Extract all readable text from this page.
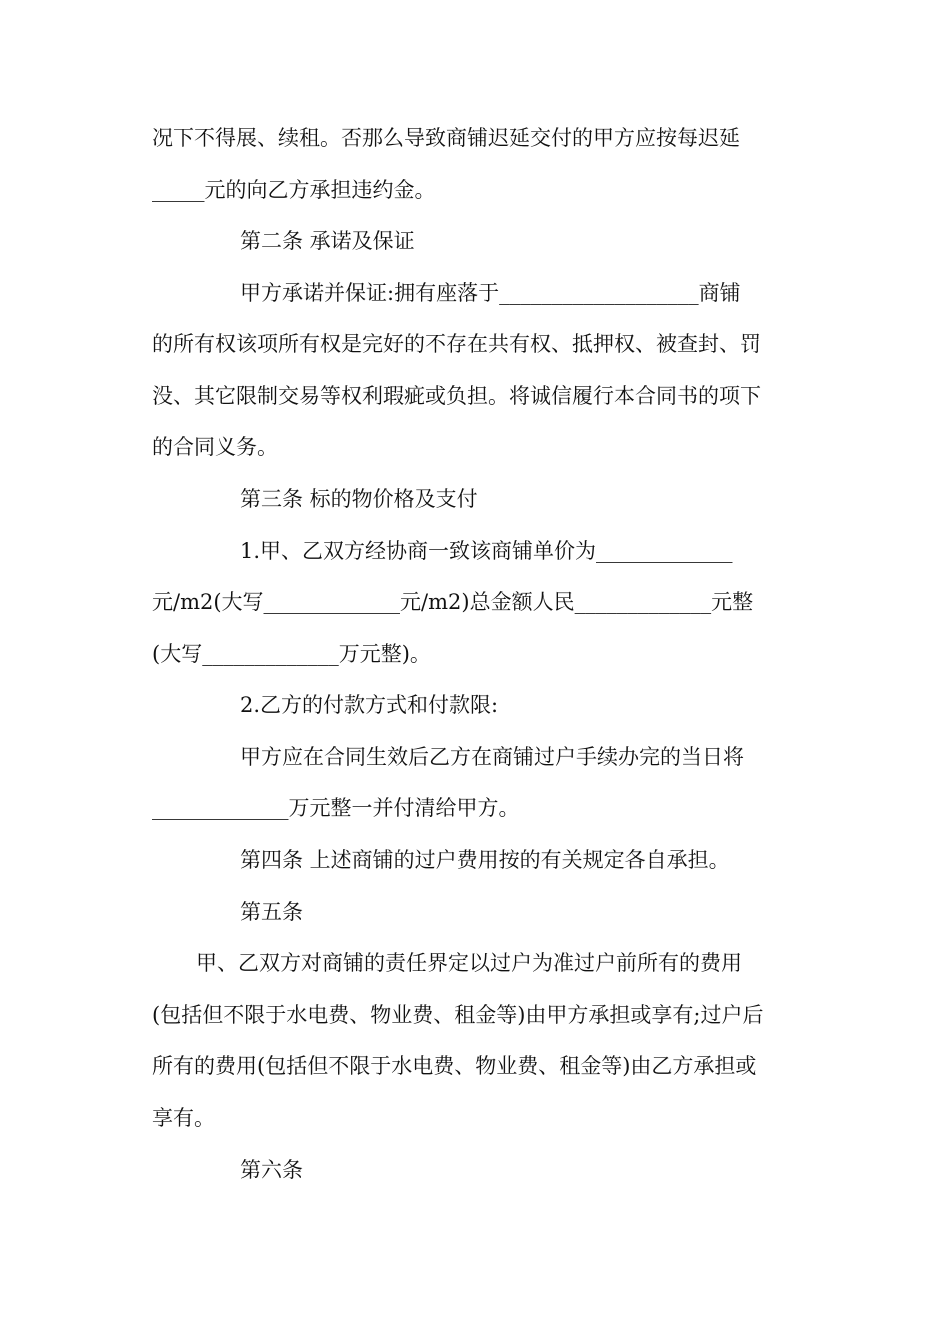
况下不得展、续租。否那么导致商铺迟延交付的甲方应按每迟延
_____元的向乙方承担违约金。
第二条 承诺及保证
甲方承诺并保证:拥有座落于___________________商铺
的所有权该项所有权是完好的不存在共有权、抵押权、被查封、罚
没、其它限制交易等权利瑕疵或负担。将诚信履行本合同书的项下
的合同义务。
第三条 标的物价格及支付
1.甲、乙双方经协商一致该商铺单价为_____________
元/m2(大写_____________元/m2)总金额人民_____________元整
(大写_____________万元整)。
2.乙方的付款方式和付款限:
甲方应在合同生效后乙方在商铺过户手续办完的当日将
_____________万元整一并付清给甲方。
第四条 上述商铺的过户费用按的有关规定各自承担。
第五条
甲、乙双方对商铺的责任界定以过户为准过户前所有的费用
(包括但不限于水电费、物业费、租金等)由甲方承担或享有;过户后
所有的费用(包括但不限于水电费、物业费、租金等)由乙方承担或
享有。
第六条
